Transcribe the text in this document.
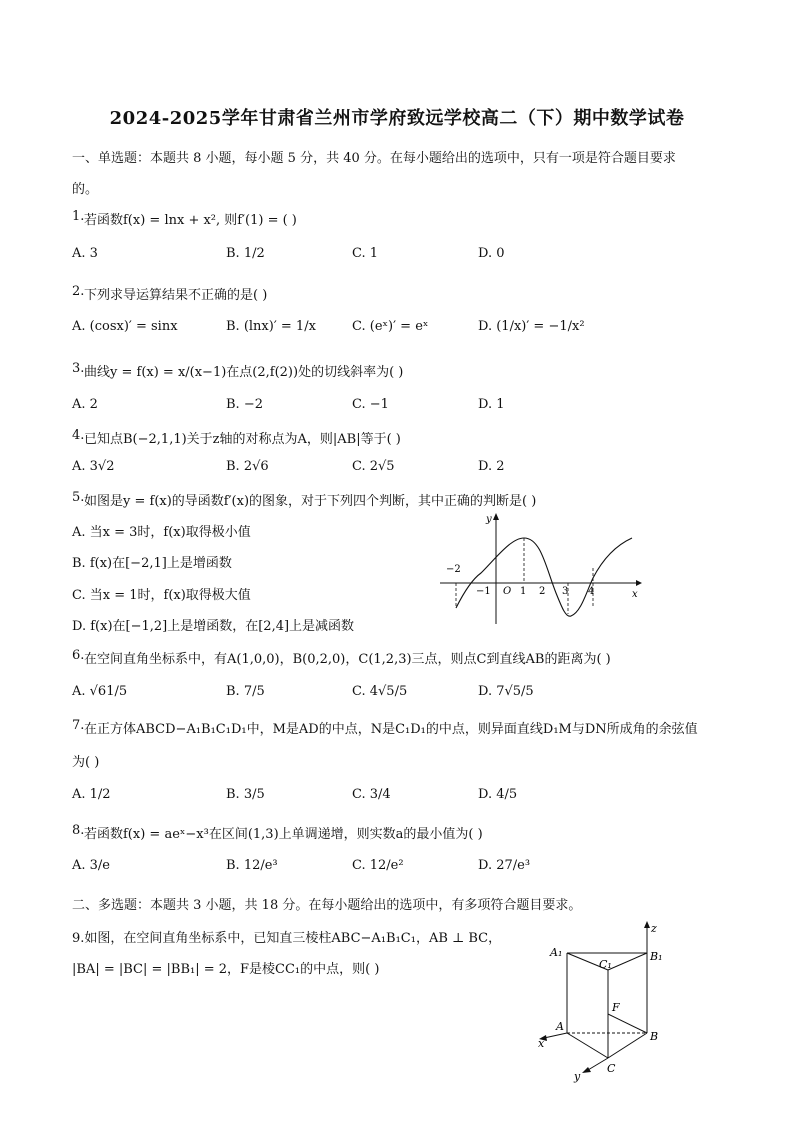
2024-2025学年甘肃省兰州市学府致远学校高二（下）期中数学试卷
一、单选题：本题共 8 小题，每小题 5 分，共 40 分。在每小题给出的选项中，只有一项是符合题目要求
的。
1. 若函数f(x) = lnx + x², 则f′(1) = ( )
A. 3	B. 1/2	C. 1	D. 0
2. 下列求导运算结果不正确的是( )
A. (cosx)′ = sinx	B. (lnx)′ = 1/x	C. (eˣ)′ = eˣ	D. (1/x)′ = −1/x²
3. 曲线y = f(x) = x/(x−1)在点(2,f(2))处的切线斜率为( )
A. 2	B. −2	C. −1	D. 1
4. 已知点B(−2,1,1)关于z轴的对称点为A，则|AB|等于( )
A. 3√2	B. 2√6	C. 2√5	D. 2
5. 如图是y = f(x)的导函数f′(x)的图象，对于下列四个判断，其中正确的判断是( )
A. 当x = 3时，f(x)取得极小值
B. f(x)在[−2,1]上是增函数
C. 当x = 1时，f(x)取得极大值
D. f(x)在[−1,2]上是增函数，在[2,4]上是减函数
y
x
O
−2
−1	1 2 3 4
6. 在空间直角坐标系中，有A(1,0,0)，B(0,2,0)，C(1,2,3)三点，则点C到直线AB的距离为( )
A. √61/5	B. 7/5	C. 4√5/5	D. 7√5/5
7. 在正方体ABCD−A₁B₁C₁D₁中，M是AD的中点，N是C₁D₁的中点，则异面直线D₁M与DN所成角的余弦值
为( )
A. 1/2	B. 3/5	C. 3/4	D. 4/5
8. 若函数f(x) = aeˣ−x³在区间(1,3)上单调递增，则实数a的最小值为( )
A. 3/e	B. 12/e³	C. 12/e²	D. 27/e³
二、多选题：本题共 3 小题，共 18 分。在每小题给出的选项中，有多项符合题目要求。
9.如图，在空间直角坐标系中，已知直三棱柱ABC−A₁B₁C₁，AB ⊥ BC，
|BA| = |BC| = |BB₁| = 2，F是棱CC₁的中点，则( )
z
A₁
C₁
B₁
F
A
B
C
x
y
